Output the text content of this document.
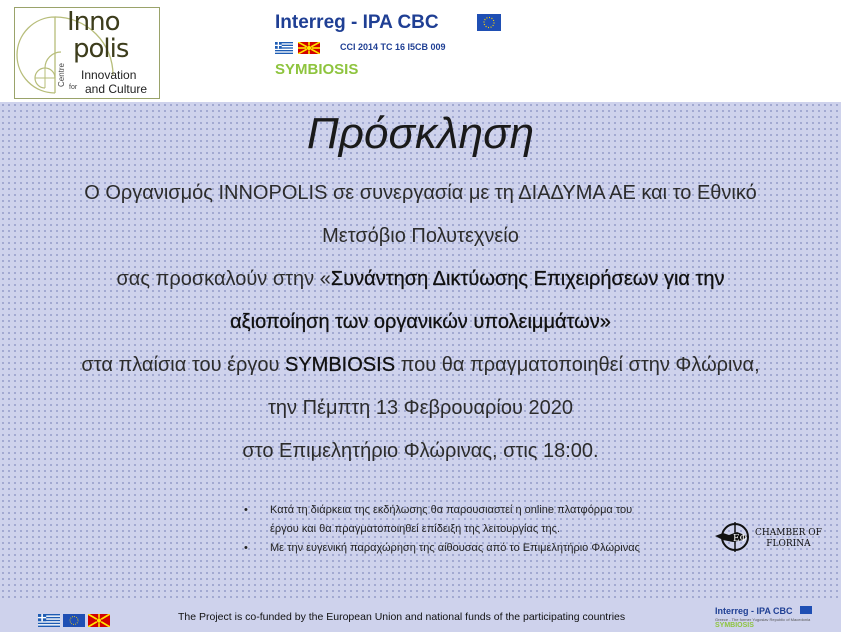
Inno
polis
Centre
for
Innovation
and Culture
Interreg - IPA CBC
CCI 2014 TC 16 I5CB 009
SYMBIOSIS
Πρόσκληση
Ο Οργανισμός INNOPOLIS σε συνεργασία με τη ΔΙΑΔΥΜΑ ΑΕ και το Εθνικό
Μετσόβιο Πολυτεχνείο
σας προσκαλούν στην «Συνάντηση Δικτύωσης Επιχειρήσεων για την
αξιοποίηση των οργανικών υπολειμμάτων»
στα πλαίσια του έργου SYMBIOSIS που θα πραγματοποιηθεί στην Φλώρινα,
την Πέμπτη 13 Φεβρουαρίου 2020
στο Επιμελητήριο Φλώρινας, στις 18:00.
• Κατά τη διάρκεια της εκδήλωσης θα παρουσιαστεί η online πλατφόρμα του
έργου και θα πραγματοποιηθεί επίδειξη της λειτουργίας της.
• Με την ευγενική παραχώρηση της αίθουσας από το Επιμελητήριο Φλώρινας
ΕΦ
CHAMBER OF
FLORINA
The Project is co-funded by the European Union and national funds of the participating countries	Interreg - IPA CBC
Greece - The former Yugoslav Republic of Macedonia
SYMBIOSIS
